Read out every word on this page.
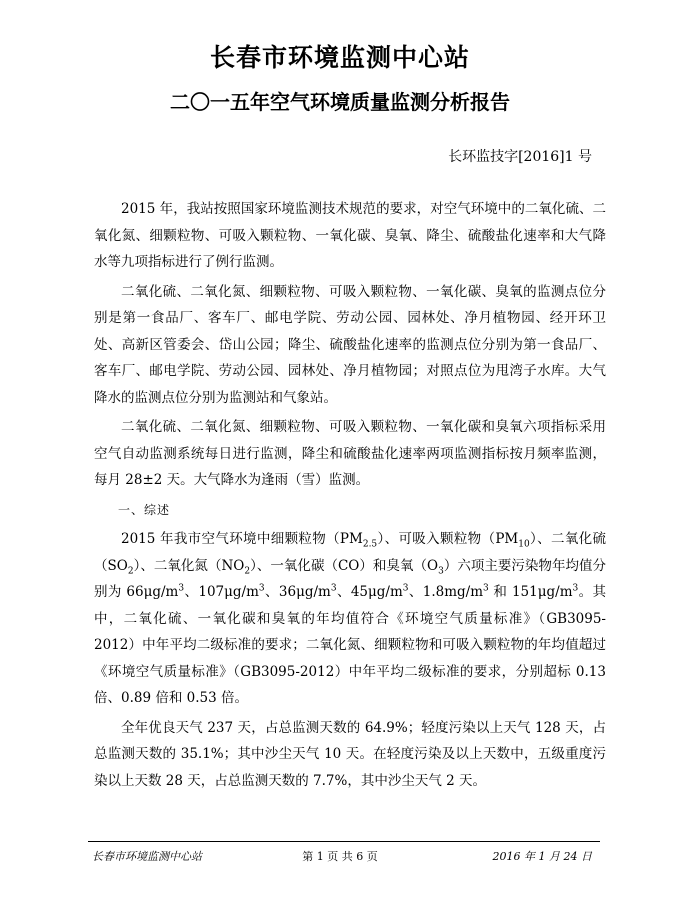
长春市环境监测中心站
二〇一五年空气环境质量监测分析报告
长环监技字[2016]1 号

2015 年，我站按照国家环境监测技术规范的要求，对空气环境中的二氧化硫、二氧化氮、细颗粒物、可吸入颗粒物、一氧化碳、臭氧、降尘、硫酸盐化速率和大气降水等九项指标进行了例行监测。

二氧化硫、二氧化氮、细颗粒物、可吸入颗粒物、一氧化碳、臭氧的监测点位分别是第一食品厂、客车厂、邮电学院、劳动公园、园林处、净月植物园、经开环卫处、高新区管委会、岱山公园；降尘、硫酸盐化速率的监测点位分别为第一食品厂、客车厂、邮电学院、劳动公园、园林处、净月植物园；对照点位为甩湾子水库。大气降水的监测点位分别为监测站和气象站。

二氧化硫、二氧化氮、细颗粒物、可吸入颗粒物、一氧化碳和臭氧六项指标采用空气自动监测系统每日进行监测，降尘和硫酸盐化速率两项监测指标按月频率监测，每月 28±2 天。大气降水为逢雨（雪）监测。

一、综述

2015 年我市空气环境中细颗粒物$(PM_{2.5})$、可吸入颗粒物$(PM_{10})$、二氧化硫$(SO_2)$、二氧化氮$(NO_2)$、一氧化碳（CO）和臭氧$(O_3)$六项主要污染物年均值分别为 $66\mu g/m^3$、$107\mu g/m^3$、$36\mu g/m^3$、$45\mu g/m^3$、$1.8mg/m^3$ 和 $151\mu g/m^3$。其中，二氧化硫、一氧化碳和臭氧的年均值符合《环境空气质量标准》（GB3095-2012）中年平均二级标准的要求；二氧化氮、细颗粒物和可吸入颗粒物的年均值超过《环境空气质量标准》（GB3095-2012）中年平均二级标准的要求，分别超标 0.13 倍、0.89 倍和 0.53 倍。

全年优良天气 237 天，占总监测天数的 64.9%；轻度污染以上天气 128 天，占总监测天数的 35.1%；其中沙尘天气 10 天。在轻度污染及以上天数中，五级重度污染以上天数 28 天，占总监测天数的 7.7%，其中沙尘天气 2 天。

长春市环境监测中心站	第 1 页 共 6 页	2016 年 1 月 24 日
